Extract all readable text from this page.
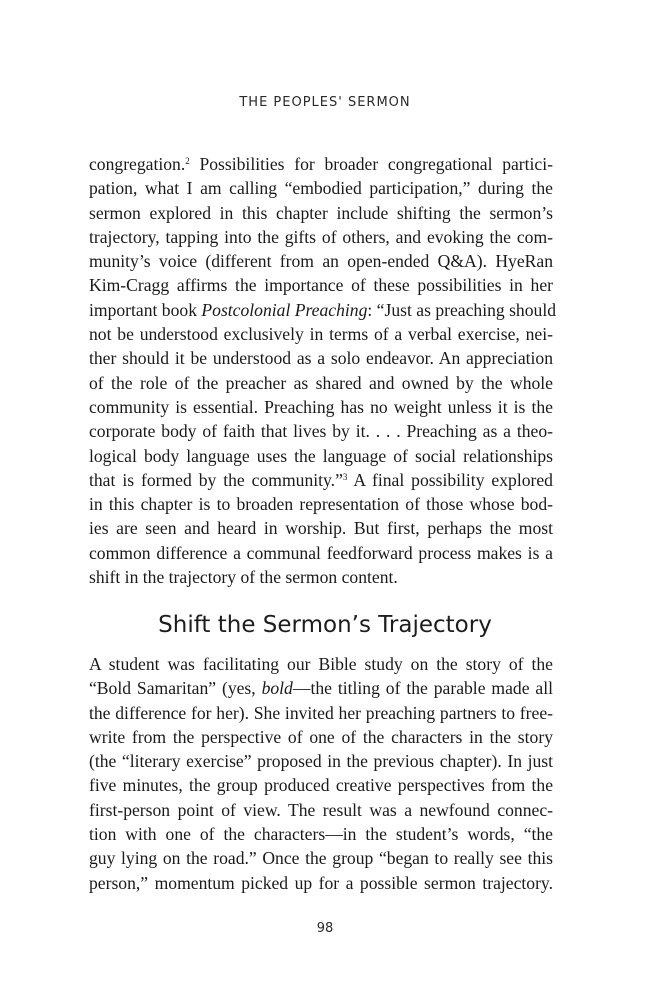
THE PEOPLES' SERMON
congregation.$^2$ Possibilities for broader congregational partici-
pation, what I am calling “embodied participation,” during the
sermon explored in this chapter include shifting the sermon’s
trajectory, tapping into the gifts of others, and evoking the com-
munity’s voice (different from an open-ended Q&A). HyeRan
Kim-Cragg affirms the importance of these possibilities in her
important book Postcolonial Preaching: “Just as preaching should
not be understood exclusively in terms of a verbal exercise, nei-
ther should it be understood as a solo endeavor. An appreciation
of the role of the preacher as shared and owned by the whole
community is essential. Preaching has no weight unless it is the
corporate body of faith that lives by it. . . . Preaching as a theo-
logical body language uses the language of social relationships
that is formed by the community.”$^3$ A final possibility explored
in this chapter is to broaden representation of those whose bod-
ies are seen and heard in worship. But first, perhaps the most
common difference a communal feedforward process makes is a
shift in the trajectory of the sermon content.
Shift the Sermon’s Trajectory
A student was facilitating our Bible study on the story of the
“Bold Samaritan” (yes, bold—the titling of the parable made all
the difference for her). She invited her preaching partners to free-
write from the perspective of one of the characters in the story
(the “literary exercise” proposed in the previous chapter). In just
five minutes, the group produced creative perspectives from the
first-person point of view. The result was a newfound connec-
tion with one of the characters—in the student’s words, “the
guy lying on the road.” Once the group “began to really see this
person,” momentum picked up for a possible sermon trajectory.
98
